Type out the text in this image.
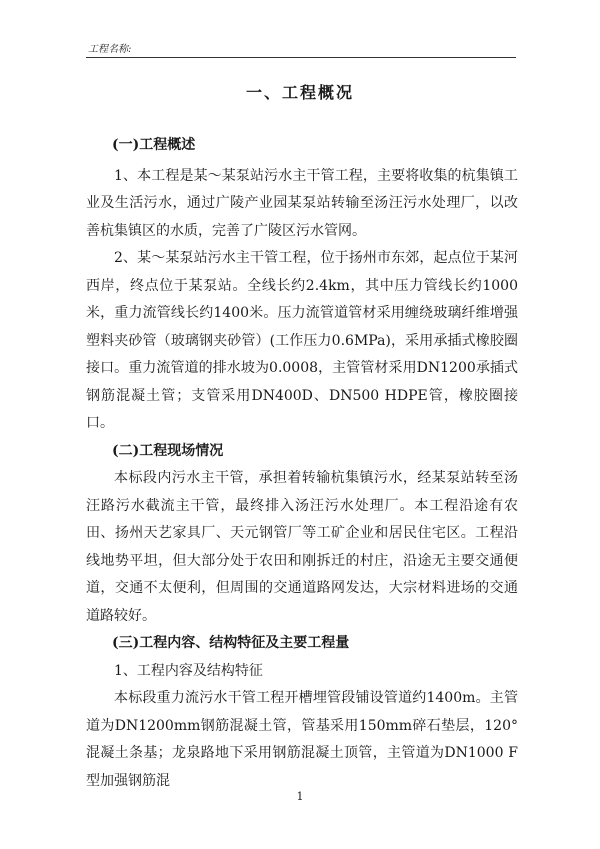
工程名称:
一、工程概况

(一)工程概述

1、本工程是某～某泵站污水主干管工程，主要将收集的杭集镇工业及生活污水，通过广陵产业园某泵站转输至汤汪污水处理厂，以改善杭集镇区的水质，完善了广陵区污水管网。

2、某～某泵站污水主干管工程，位于扬州市东郊，起点位于某河西岸，终点位于某泵站。全线长约2.4km，其中压力管线长约1000米，重力流管线长约1400米。压力流管道管材采用缠绕玻璃纤维增强塑料夹砂管（玻璃钢夹砂管）(工作压力0.6MPa)，采用承插式橡胶圈接口。重力流管道的排水坡为0.0008，主管管材采用DN1200承插式钢筋混凝土管；支管采用DN400D、DN500 HDPE管，橡胶圈接口。

(二)工程现场情况

本标段内污水主干管，承担着转输杭集镇污水，经某泵站转至汤汪路污水截流主干管，最终排入汤汪污水处理厂。本工程沿途有农田、扬州天艺家具厂、天元钢管厂等工矿企业和居民住宅区。工程沿线地势平坦，但大部分处于农田和刚拆迁的村庄，沿途无主要交通便道，交通不太便利，但周围的交通道路网发达，大宗材料进场的交通道路较好。

(三)工程内容、结构特征及主要工程量

1、工程内容及结构特征

本标段重力流污水干管工程开槽埋管段铺设管道约1400m。主管道为DN1200mm钢筋混凝土管，管基采用150mm碎石垫层，120°混凝土条基；龙泉路地下采用钢筋混凝土顶管，主管道为DN1000 F型加强钢筋混

1
